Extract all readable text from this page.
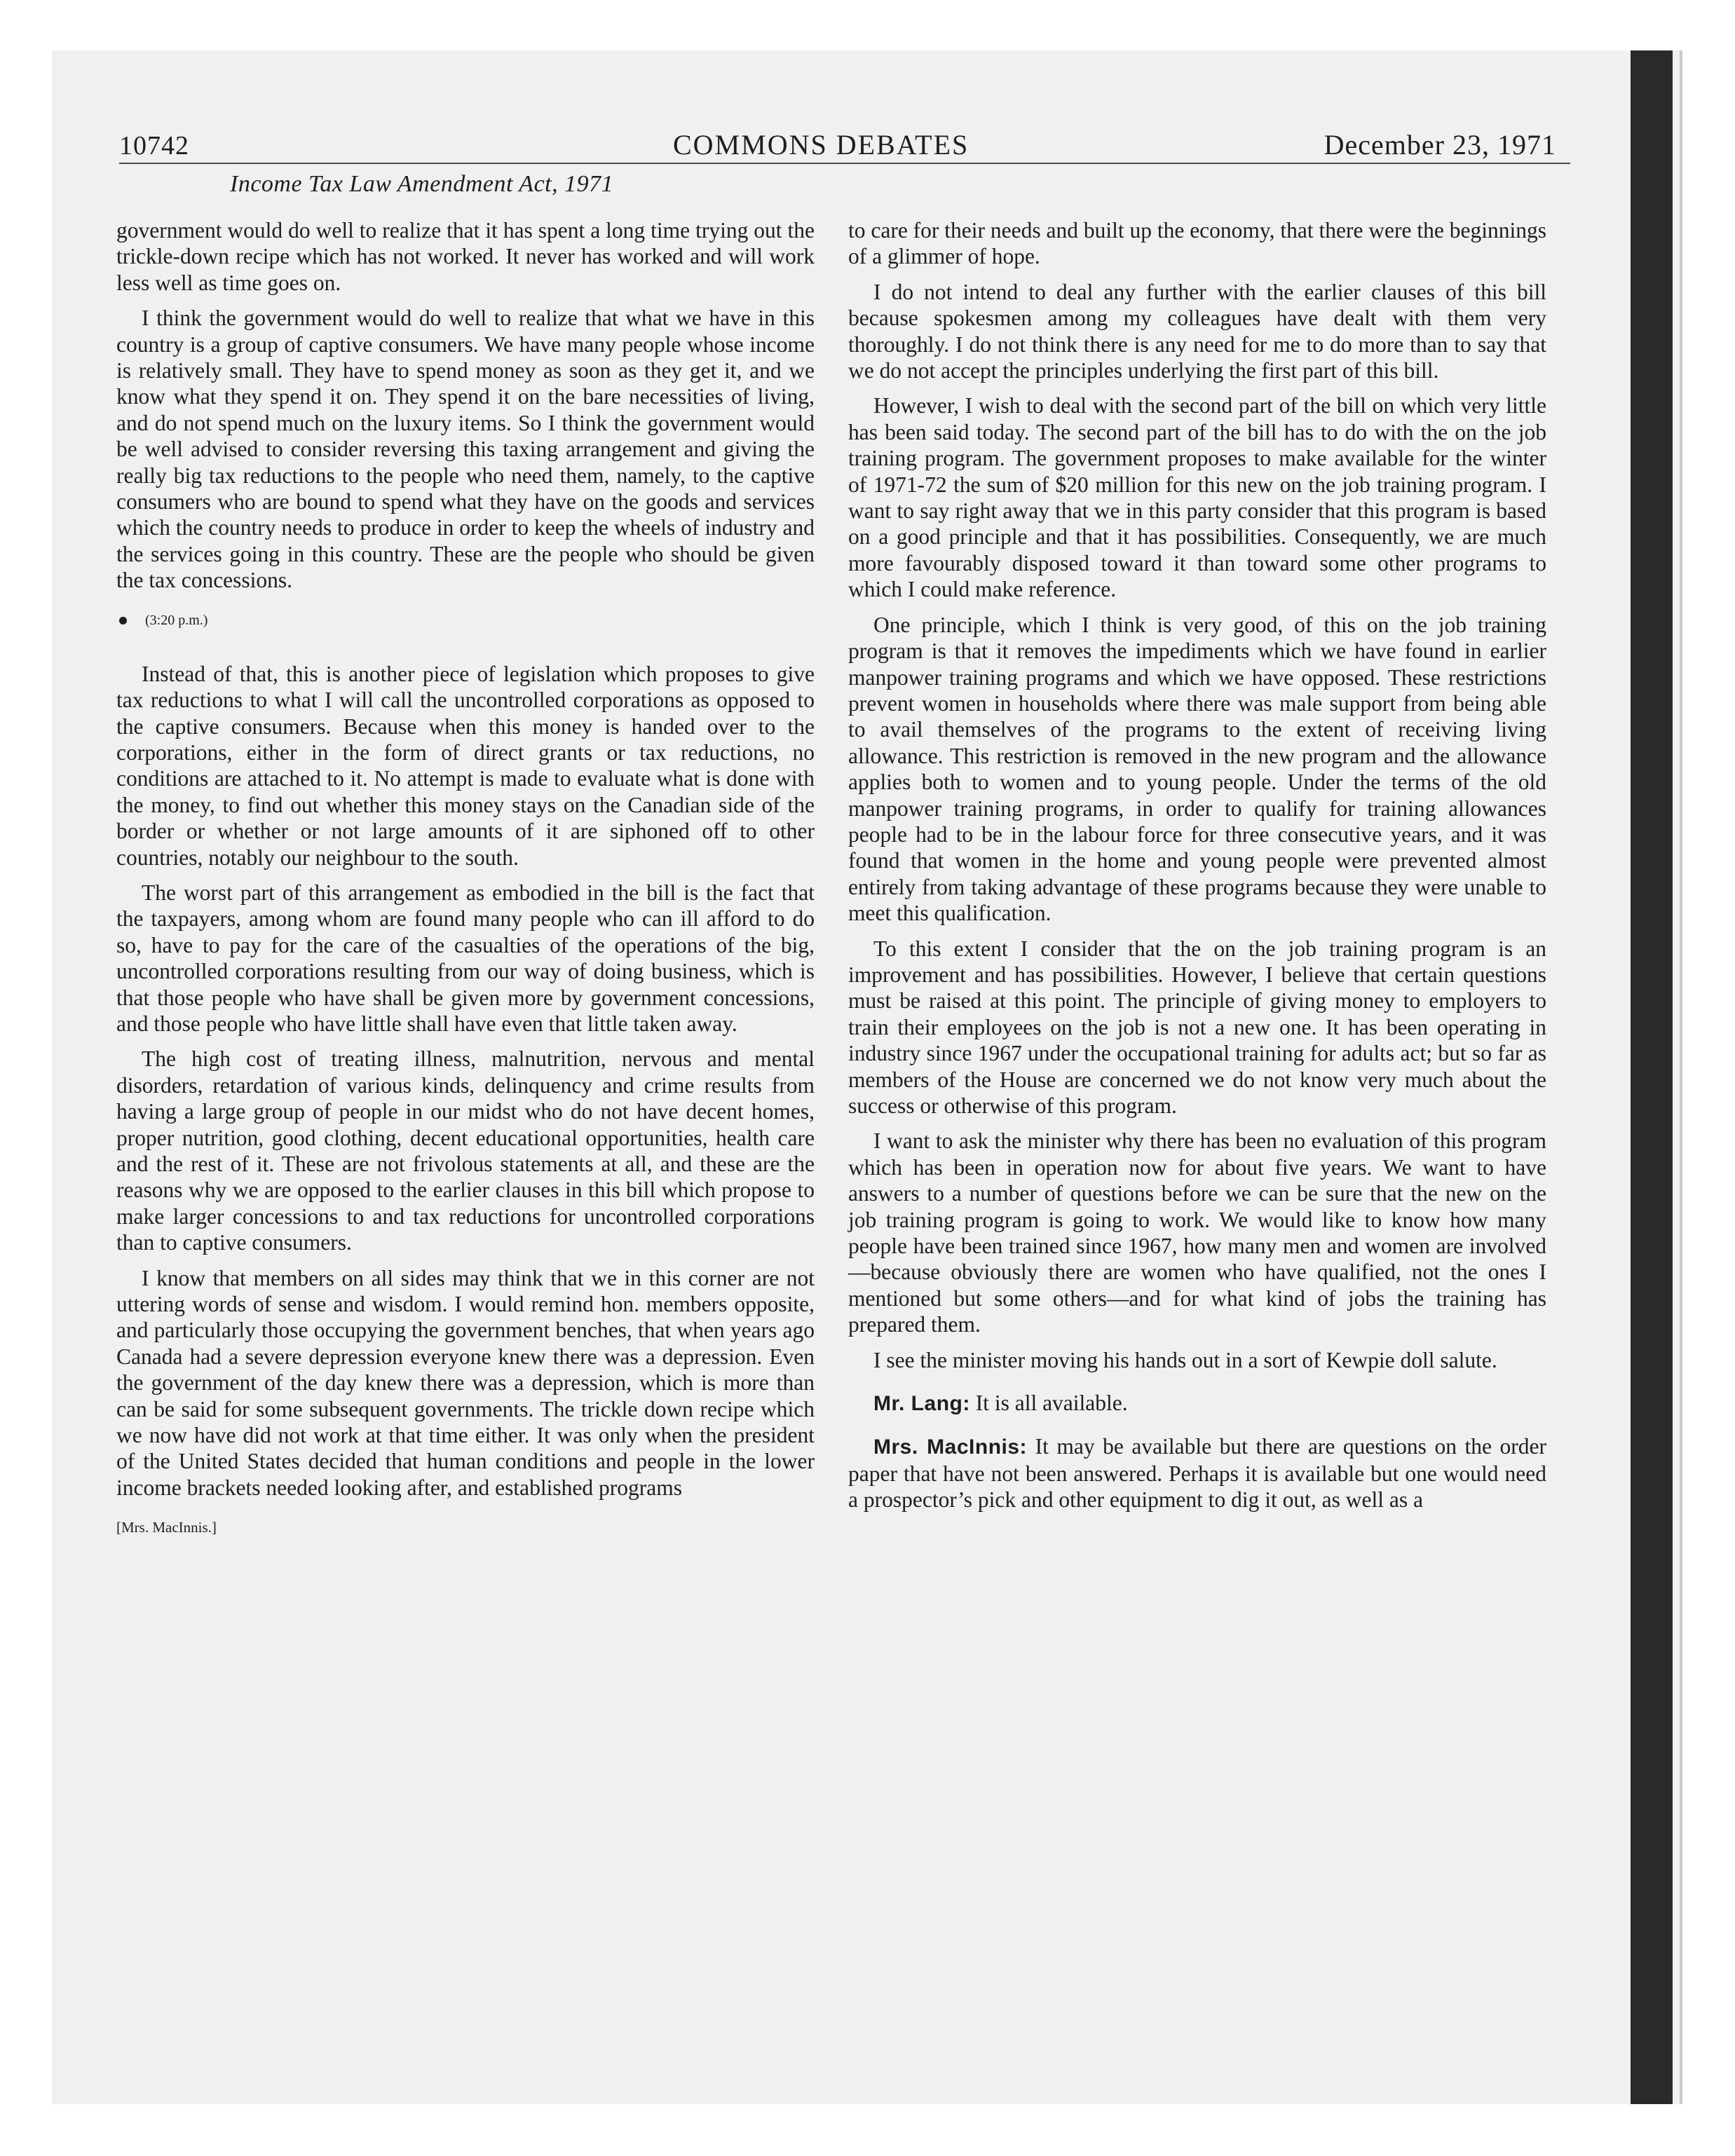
10742	COMMONS DEBATES	December 23, 1971
Income Tax Law Amendment Act, 1971

government would do well to realize that it has spent a long time trying out the trickle-down recipe which has not worked. It never has worked and will work less well as time goes on.

I think the government would do well to realize that what we have in this country is a group of captive consumers. We have many people whose income is relatively small. They have to spend money as soon as they get it, and we know what they spend it on. They spend it on the bare necessities of living, and do not spend much on the luxury items. So I think the government would be well advised to consider reversing this taxing arrangement and giving the really big tax reductions to the people who need them, namely, to the captive consumers who are bound to spend what they have on the goods and services which the country needs to produce in order to keep the wheels of industry and the services going in this country. These are the people who should be given the tax concessions.

(3:20 p.m.)

Instead of that, this is another piece of legislation which proposes to give tax reductions to what I will call the uncontrolled corporations as opposed to the captive consumers. Because when this money is handed over to the corporations, either in the form of direct grants or tax reductions, no conditions are attached to it. No attempt is made to evaluate what is done with the money, to find out whether this money stays on the Canadian side of the border or whether or not large amounts of it are siphoned off to other countries, notably our neighbour to the south.

The worst part of this arrangement as embodied in the bill is the fact that the taxpayers, among whom are found many people who can ill afford to do so, have to pay for the care of the casualties of the operations of the big, uncontrolled corporations resulting from our way of doing business, which is that those people who have shall be given more by government concessions, and those people who have little shall have even that little taken away.

The high cost of treating illness, malnutrition, nervous and mental disorders, retardation of various kinds, delinquency and crime results from having a large group of people in our midst who do not have decent homes, proper nutrition, good clothing, decent educational opportunities, health care and the rest of it. These are not frivolous statements at all, and these are the reasons why we are opposed to the earlier clauses in this bill which propose to make larger concessions to and tax reductions for uncontrolled corporations than to captive consumers.

I know that members on all sides may think that we in this corner are not uttering words of sense and wisdom. I would remind hon. members opposite, and particularly those occupying the government benches, that when years ago Canada had a severe depression everyone knew there was a depression. Even the government of the day knew there was a depression, which is more than can be said for some subsequent governments. The trickle down recipe which we now have did not work at that time either. It was only when the president of the United States decided that human conditions and people in the lower income brackets needed looking after, and established programs

[Mrs. MacInnis.]

to care for their needs and built up the economy, that there were the beginnings of a glimmer of hope.

I do not intend to deal any further with the earlier clauses of this bill because spokesmen among my colleagues have dealt with them very thoroughly. I do not think there is any need for me to do more than to say that we do not accept the principles underlying the first part of this bill.

However, I wish to deal with the second part of the bill on which very little has been said today. The second part of the bill has to do with the on the job training program. The government proposes to make available for the winter of 1971-72 the sum of $20 million for this new on the job training program. I want to say right away that we in this party consider that this program is based on a good principle and that it has possibilities. Consequently, we are much more favourably disposed toward it than toward some other programs to which I could make reference.

One principle, which I think is very good, of this on the job training program is that it removes the impediments which we have found in earlier manpower training programs and which we have opposed. These restrictions prevent women in households where there was male support from being able to avail themselves of the programs to the extent of receiving living allowance. This restriction is removed in the new program and the allowance applies both to women and to young people. Under the terms of the old manpower training programs, in order to qualify for training allowances people had to be in the labour force for three consecutive years, and it was found that women in the home and young people were prevented almost entirely from taking advantage of these programs because they were unable to meet this qualification.

To this extent I consider that the on the job training program is an improvement and has possibilities. However, I believe that certain questions must be raised at this point. The principle of giving money to employers to train their employees on the job is not a new one. It has been operating in industry since 1967 under the occupational training for adults act; but so far as members of the House are concerned we do not know very much about the success or otherwise of this program.

I want to ask the minister why there has been no evaluation of this program which has been in operation now for about five years. We want to have answers to a number of questions before we can be sure that the new on the job training program is going to work. We would like to know how many people have been trained since 1967, how many men and women are involved—because obviously there are women who have qualified, not the ones I mentioned but some others—and for what kind of jobs the training has prepared them.

I see the minister moving his hands out in a sort of Kewpie doll salute.

Mr. Lang: It is all available.

Mrs. MacInnis: It may be available but there are questions on the order paper that have not been answered. Perhaps it is available but one would need a prospector’s pick and other equipment to dig it out, as well as a
